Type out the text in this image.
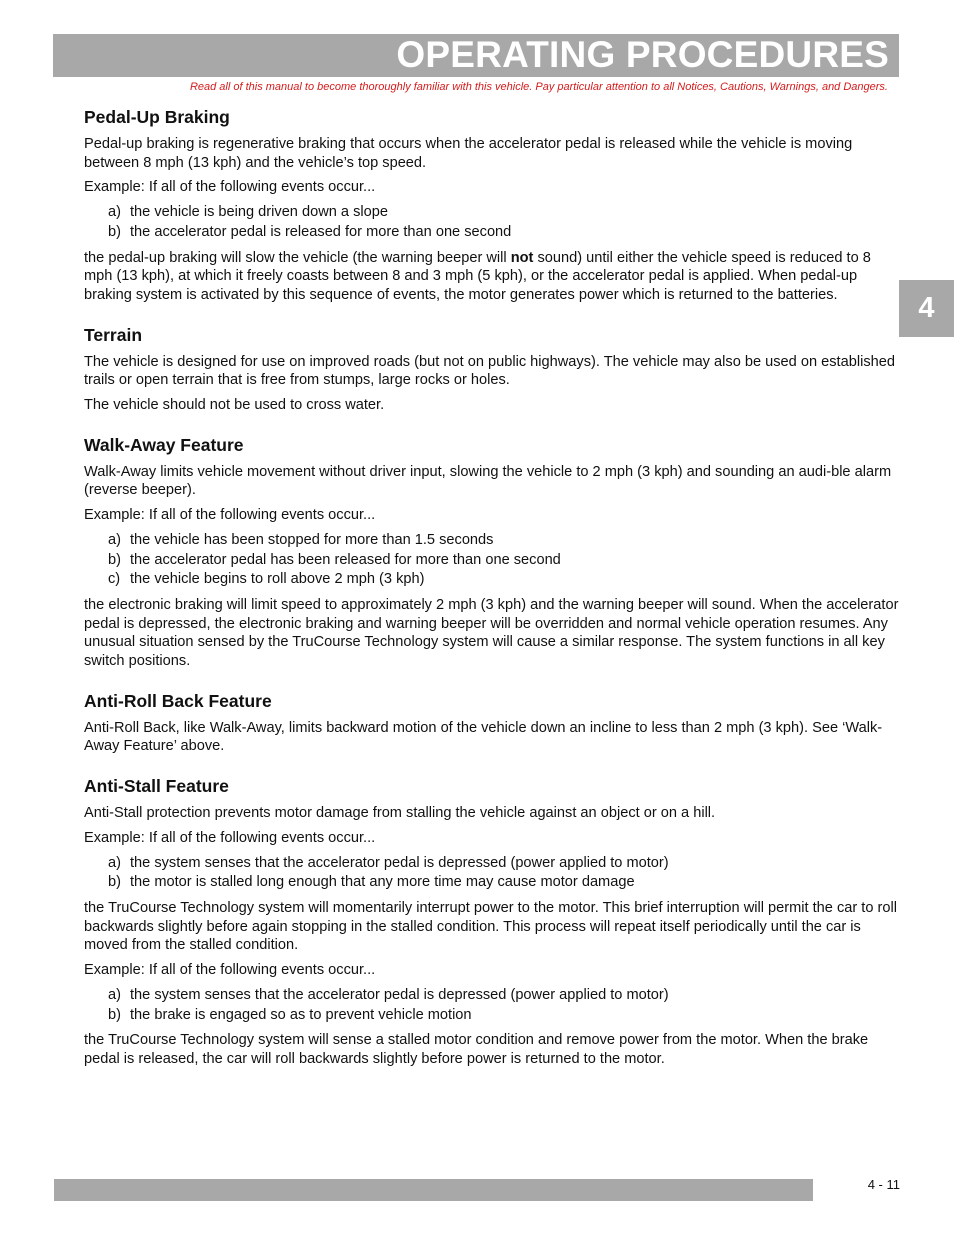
OPERATING PROCEDURES
Read all of this manual to become thoroughly familiar with this vehicle. Pay particular attention to all Notices, Cautions, Warnings, and Dangers.
4
Pedal-Up Braking

Pedal-up braking is regenerative braking that occurs when the accelerator pedal is released while the vehicle is moving between 8 mph (13 kph) and the vehicle’s top speed.

Example: If all of the following events occur...

a) the vehicle is being driven down a slope
b) the accelerator pedal is released for more than one second

the pedal-up braking will slow the vehicle (the warning beeper will not sound) until either the vehicle speed is reduced to 8 mph (13 kph), at which it freely coasts between 8 and 3 mph (5 kph), or the accelerator pedal is applied. When pedal-up braking system is activated by this sequence of events, the motor generates power which is returned to the batteries.

Terrain

The vehicle is designed for use on improved roads (but not on public highways). The vehicle may also be used on established trails or open terrain that is free from stumps, large rocks or holes.

The vehicle should not be used to cross water.

Walk-Away Feature

Walk-Away limits vehicle movement without driver input, slowing the vehicle to 2 mph (3 kph) and sounding an audi-ble alarm (reverse beeper).

Example: If all of the following events occur...

a) the vehicle has been stopped for more than 1.5 seconds
b) the accelerator pedal has been released for more than one second
c) the vehicle begins to roll above 2 mph (3 kph)

the electronic braking will limit speed to approximately 2 mph (3 kph) and the warning beeper will sound. When the accelerator pedal is depressed, the electronic braking and warning beeper will be overridden and normal vehicle operation resumes. Any unusual situation sensed by the TruCourse Technology system will cause a similar response. The system functions in all key switch positions.

Anti-Roll Back Feature

Anti-Roll Back, like Walk-Away, limits backward motion of the vehicle down an incline to less than 2 mph (3 kph). See ‘Walk-Away Feature’ above.

Anti-Stall Feature

Anti-Stall protection prevents motor damage from stalling the vehicle against an object or on a hill.

Example: If all of the following events occur...

a) the system senses that the accelerator pedal is depressed (power applied to motor)
b) the motor is stalled long enough that any more time may cause motor damage

the TruCourse Technology system will momentarily interrupt power to the motor. This brief interruption will permit the car to roll backwards slightly before again stopping in the stalled condition. This process will repeat itself periodically until the car is moved from the stalled condition.

Example: If all of the following events occur...

a) the system senses that the accelerator pedal is depressed (power applied to motor)
b) the brake is engaged so as to prevent vehicle motion

the TruCourse Technology system will sense a stalled motor condition and remove power from the motor. When the brake pedal is released, the car will roll backwards slightly before power is returned to the motor.

4 - 11
